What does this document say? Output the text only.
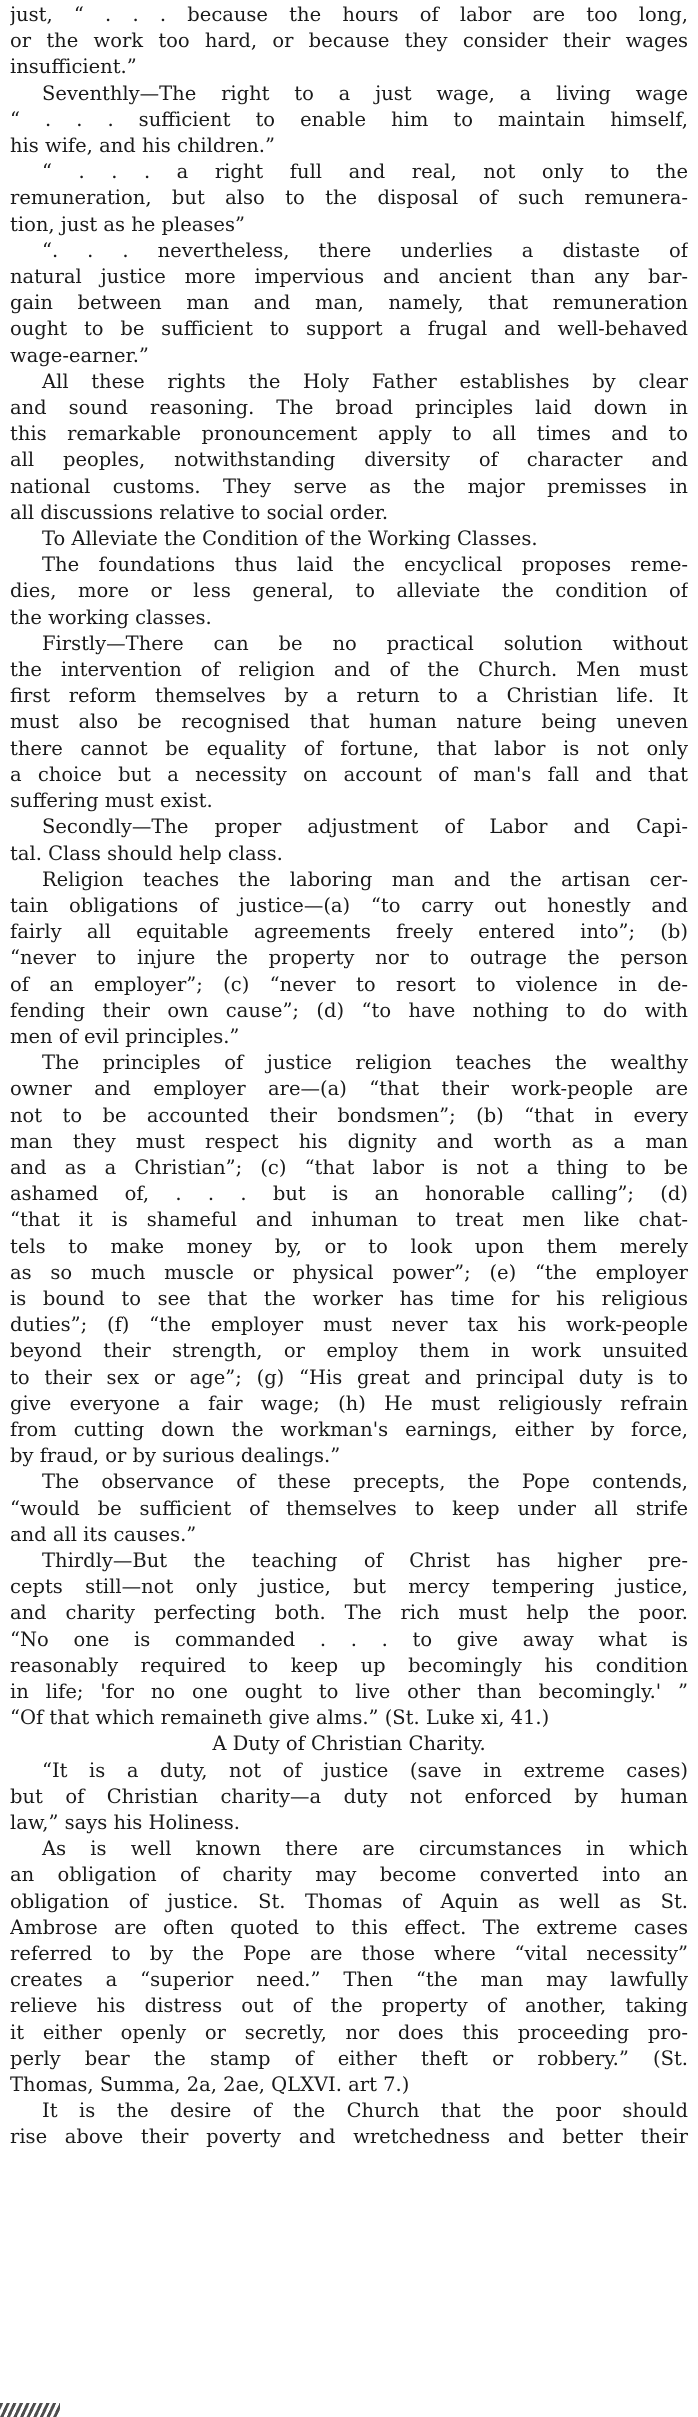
just, “ . . . because the hours of labor are too long,
or the work too hard, or because they consider their wages
insufficient.”
Seventhly—The right to a just wage, a living wage
“ . . . sufficient to enable him to maintain himself,
his wife, and his children.”
“ . . . a right full and real, not only to the
remuneration, but also to the disposal of such remunera-
tion, just as he pleases”
“. . . nevertheless, there underlies a distaste of
natural justice more impervious and ancient than any bar-
gain between man and man, namely, that remuneration
ought to be sufficient to support a frugal and well-behaved
wage-earner.”
All these rights the Holy Father establishes by clear
and sound reasoning. The broad principles laid down in
this remarkable pronouncement apply to all times and to
all peoples, notwithstanding diversity of character and
national customs. They serve as the major premisses in
all discussions relative to social order.
To Alleviate the Condition of the Working Classes.
The foundations thus laid the encyclical proposes reme-
dies, more or less general, to alleviate the condition of
the working classes.
Firstly—There can be no practical solution without
the intervention of religion and of the Church. Men must
first reform themselves by a return to a Christian life. It
must also be recognised that human nature being uneven
there cannot be equality of fortune, that labor is not only
a choice but a necessity on account of man's fall and that
suffering must exist.
Secondly—The proper adjustment of Labor and Capi-
tal. Class should help class.
Religion teaches the laboring man and the artisan cer-
tain obligations of justice—(a) “to carry out honestly and
fairly all equitable agreements freely entered into”; (b)
“never to injure the property nor to outrage the person
of an employer”; (c) “never to resort to violence in de-
fending their own cause”; (d) “to have nothing to do with
men of evil principles.”
The principles of justice religion teaches the wealthy
owner and employer are—(a) “that their work-people are
not to be accounted their bondsmen”; (b) “that in every
man they must respect his dignity and worth as a man
and as a Christian”; (c) “that labor is not a thing to be
ashamed of, . . . but is an honorable calling”; (d)
“that it is shameful and inhuman to treat men like chat-
tels to make money by, or to look upon them merely
as so much muscle or physical power”; (e) “the employer
is bound to see that the worker has time for his religious
duties”; (f) “the employer must never tax his work-people
beyond their strength, or employ them in work unsuited
to their sex or age”; (g) “His great and principal duty is to
give everyone a fair wage; (h) He must religiously refrain
from cutting down the workman's earnings, either by force,
by fraud, or by surious dealings.”
The observance of these precepts, the Pope contends,
“would be sufficient of themselves to keep under all strife
and all its causes.”
Thirdly—But the teaching of Christ has higher pre-
cepts still—not only justice, but mercy tempering justice,
and charity perfecting both. The rich must help the poor.
“No one is commanded . . . to give away what is
reasonably required to keep up becomingly his condition
in life; 'for no one ought to live other than becomingly.' ”
“Of that which remaineth give alms.” (St. Luke xi, 41.)
A Duty of Christian Charity.
“It is a duty, not of justice (save in extreme cases)
but of Christian charity—a duty not enforced by human
law,” says his Holiness.
As is well known there are circumstances in which
an obligation of charity may become converted into an
obligation of justice. St. Thomas of Aquin as well as St.
Ambrose are often quoted to this effect. The extreme cases
referred to by the Pope are those where “vital necessity”
creates a “superior need.” Then “the man may lawfully
relieve his distress out of the property of another, taking
it either openly or secretly, nor does this proceeding pro-
perly bear the stamp of either theft or robbery.” (St.
Thomas, Summa, 2a, 2ae, QLXVI. art 7.)
It is the desire of the Church that the poor should
rise above their poverty and wretchedness and better their
